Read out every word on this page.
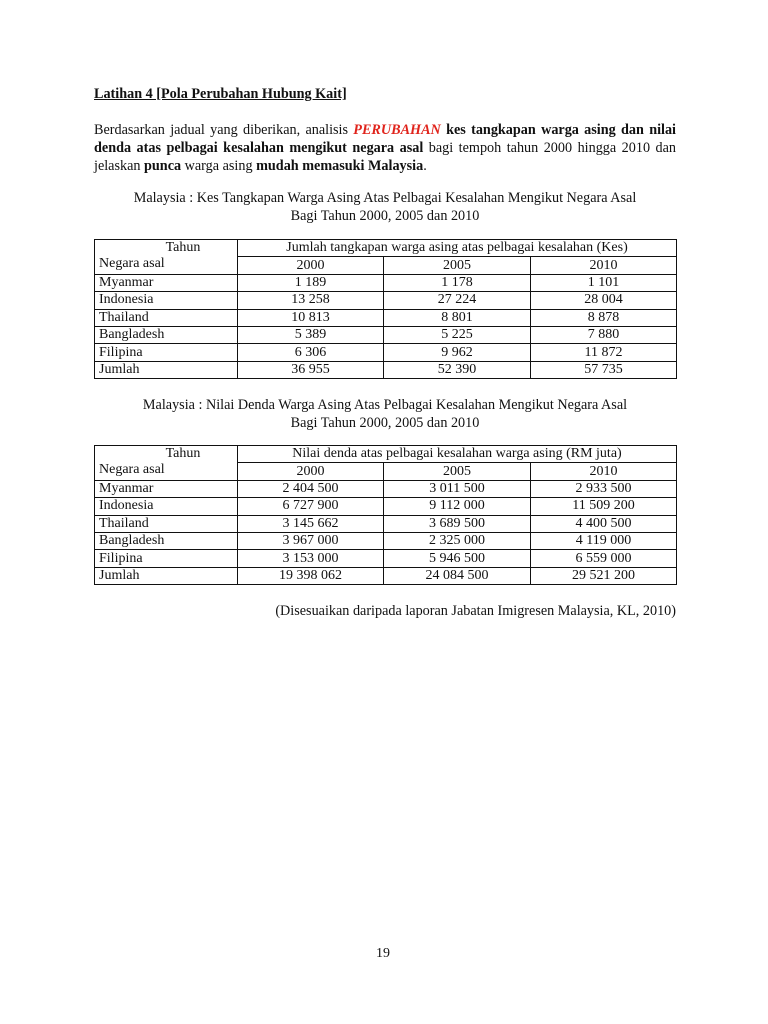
Latihan 4 [Pola Perubahan Hubung Kait]
Berdasarkan jadual yang diberikan, analisis PERUBAHAN kes tangkapan warga asing dan nilai denda atas pelbagai kesalahan mengikut negara asal bagi tempoh tahun 2000 hingga 2010 dan jelaskan punca warga asing mudah memasuki Malaysia.
Malaysia : Kes Tangkapan Warga Asing Atas Pelbagai Kesalahan Mengikut Negara Asal
Bagi Tahun 2000, 2005 dan 2010
Tahun
Negara asal	Jumlah tangkapan warga asing atas pelbagai kesalahan (Kes)		
	2000	2005	2010
Myanmar	1 189	1 178	1 101
Indonesia	13 258	27 224	28 004
Thailand	10 813	8 801	8 878
Bangladesh	5 389	5 225	7 880
Filipina	6 306	9 962	11 872
Jumlah	36 955	52 390	57 735
Malaysia : Nilai Denda Warga Asing Atas Pelbagai Kesalahan Mengikut Negara Asal
Bagi Tahun 2000, 2005 dan 2010
Tahun
Negara asal	Nilai denda atas pelbagai kesalahan warga asing (RM juta)		
	2000	2005	2010
Myanmar	2 404 500	3 011 500	2 933 500
Indonesia	6 727 900	9 112 000	11 509 200
Thailand	3 145 662	3 689 500	4 400 500
Bangladesh	3 967 000	2 325 000	4 119 000
Filipina	3 153 000	5 946 500	6 559 000
Jumlah	19 398 062	24 084 500	29 521 200
(Disesuaikan daripada laporan Jabatan Imigresen Malaysia, KL, 2010)
19
